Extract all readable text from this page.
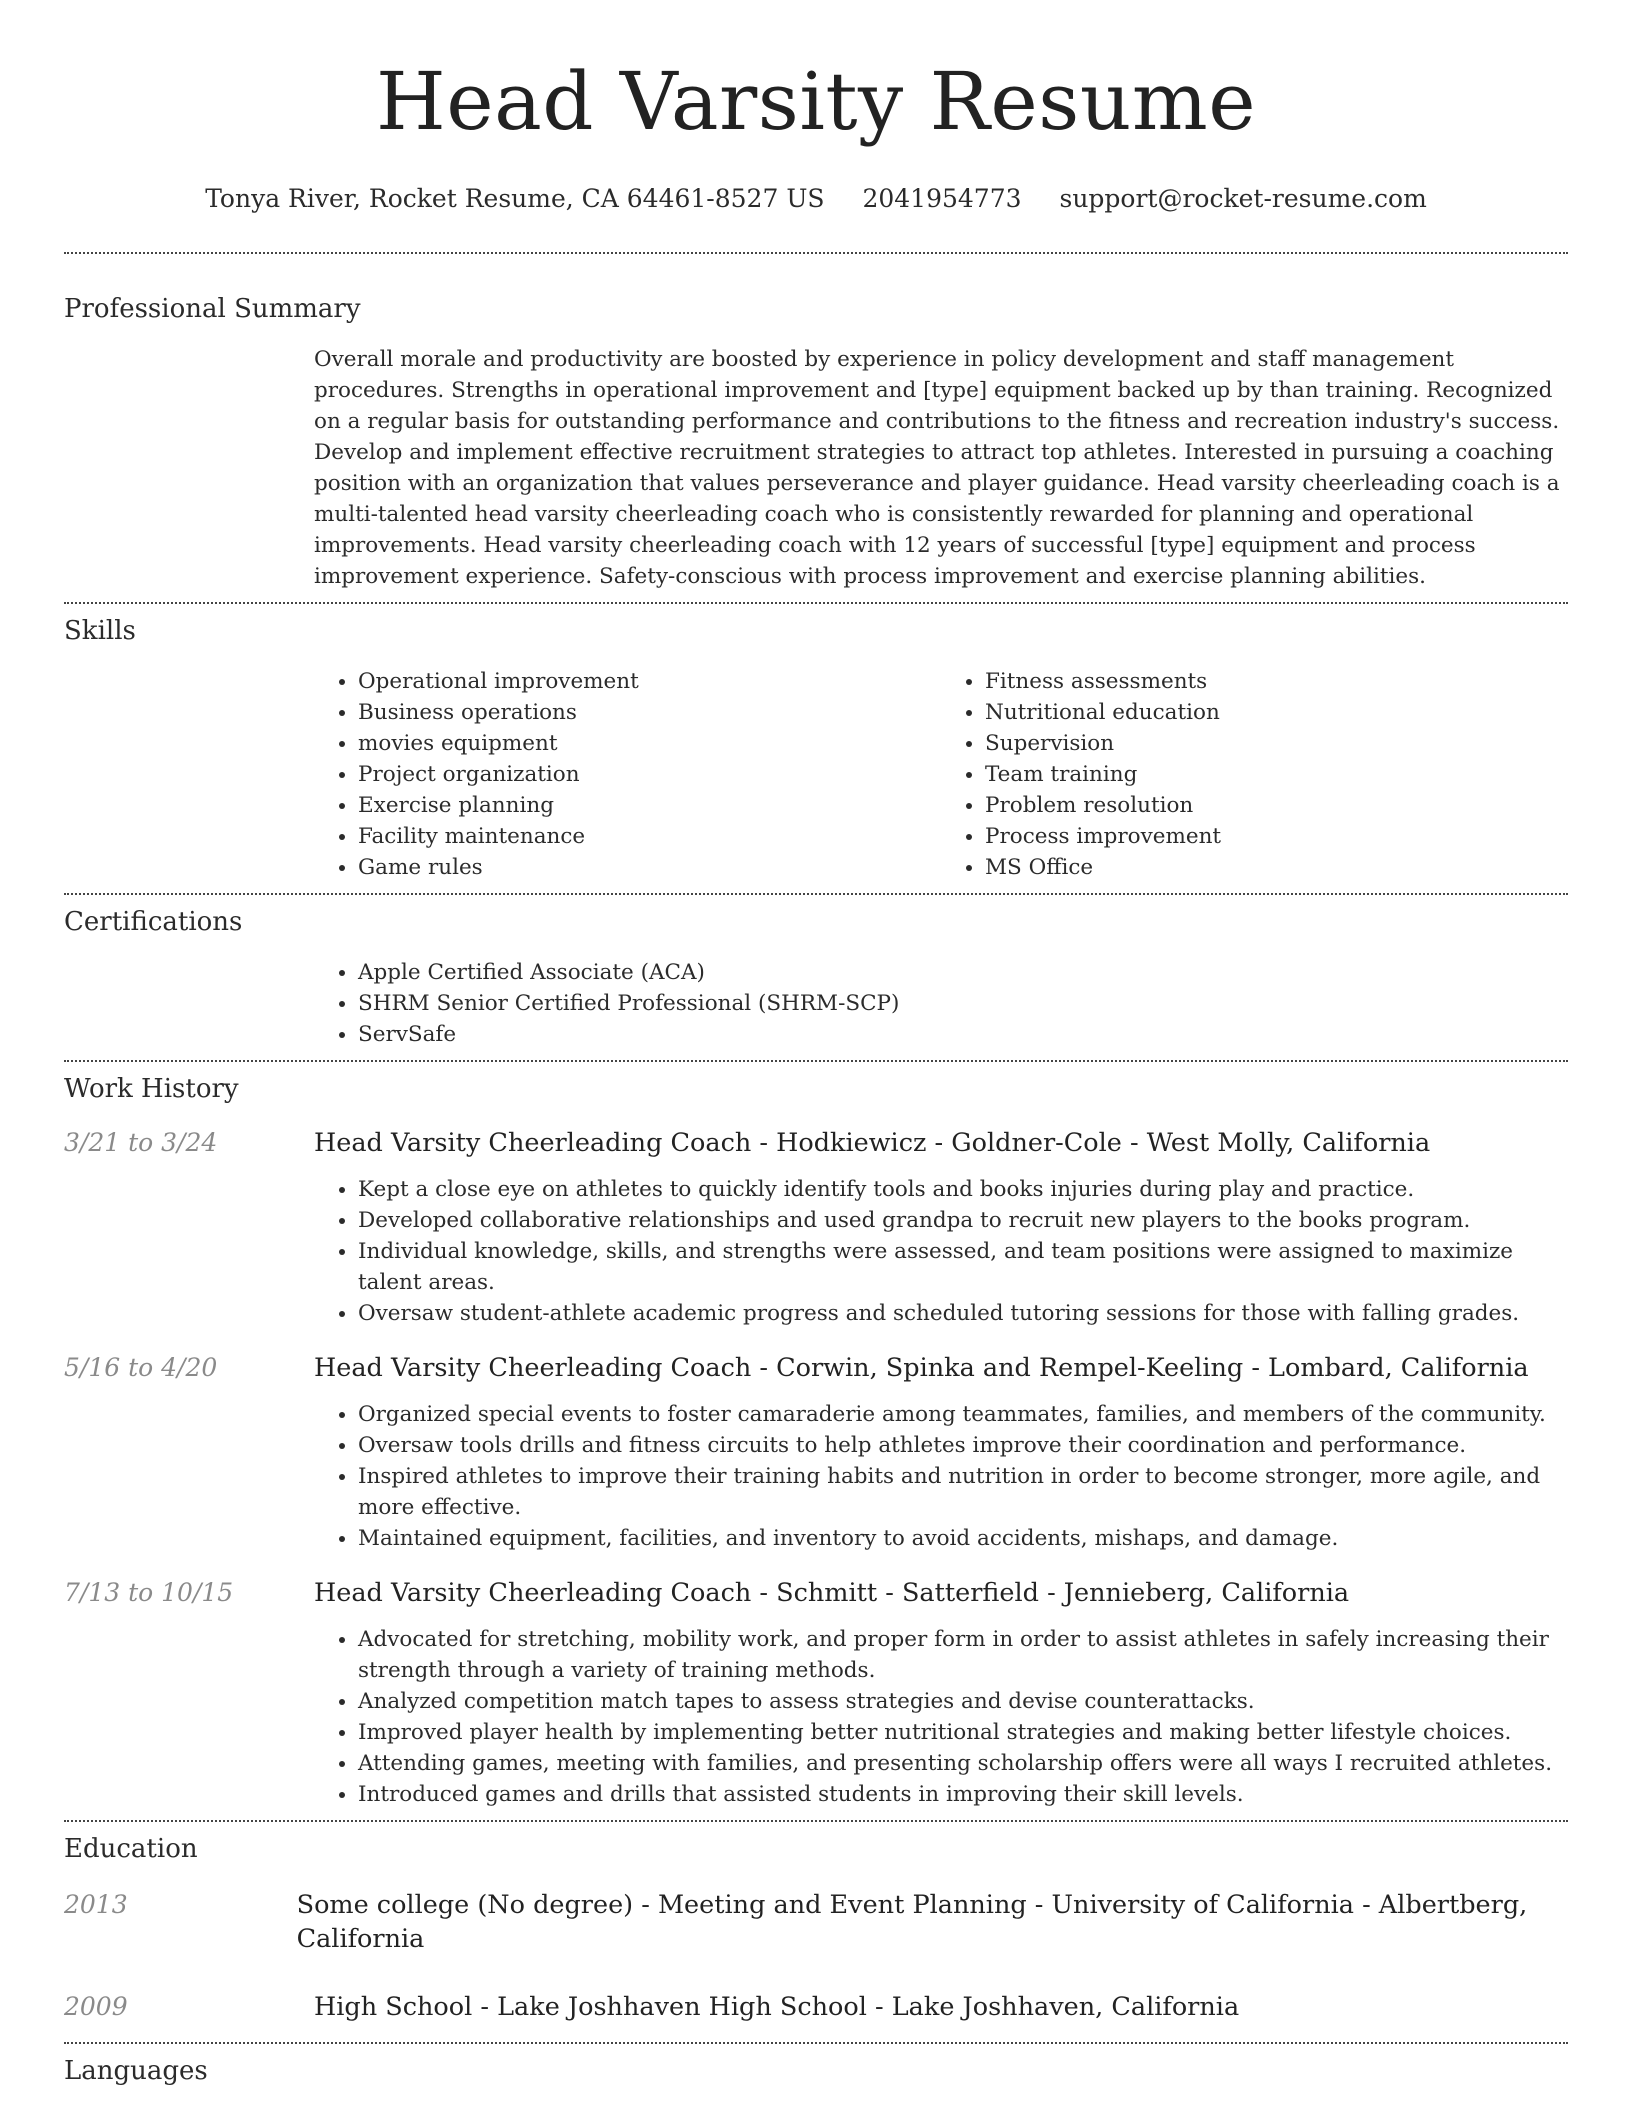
Head Varsity Resume
Tonya River, Rocket Resume, CA 64461-8527 US 2041954773 support@rocket-resume.com
Professional Summary

Overall morale and productivity are boosted by experience in policy development and staff management procedures. Strengths in operational improvement and [type] equipment backed up by than training. Recognized on a regular basis for outstanding performance and contributions to the fitness and recreation industry's success. Develop and implement effective recruitment strategies to attract top athletes. Interested in pursuing a coaching position with an organization that values perseverance and player guidance. Head varsity cheerleading coach is a multi-talented head varsity cheerleading coach who is consistently rewarded for planning and operational improvements. Head varsity cheerleading coach with 12 years of successful [type] equipment and process improvement experience. Safety-conscious with process improvement and exercise planning abilities.

Skills
• Operational improvement
• Business operations
• movies equipment
• Project organization
• Exercise planning
• Facility maintenance
• Game rules
• Fitness assessments
• Nutritional education
• Supervision
• Team training
• Problem resolution
• Process improvement
• MS Office
Certifications
• Apple Certified Associate (ACA)
• SHRM Senior Certified Professional (SHRM-SCP)
• ServSafe
Work History
3/21 to 3/24	Head Varsity Cheerleading Coach - Hodkiewicz - Goldner-Cole - West Molly, California
• Kept a close eye on athletes to quickly identify tools and books injuries during play and practice.
• Developed collaborative relationships and used grandpa to recruit new players to the books program.
• Individual knowledge, skills, and strengths were assessed, and team positions were assigned to maximize talent areas.
• Oversaw student-athlete academic progress and scheduled tutoring sessions for those with falling grades.
5/16 to 4/20	Head Varsity Cheerleading Coach - Corwin, Spinka and Rempel-Keeling - Lombard, California
• Organized special events to foster camaraderie among teammates, families, and members of the community.
• Oversaw tools drills and fitness circuits to help athletes improve their coordination and performance.
• Inspired athletes to improve their training habits and nutrition in order to become stronger, more agile, and more effective.
• Maintained equipment, facilities, and inventory to avoid accidents, mishaps, and damage.
7/13 to 10/15	Head Varsity Cheerleading Coach - Schmitt - Satterfield - Jennieberg, California
• Advocated for stretching, mobility work, and proper form in order to assist athletes in safely increasing their strength through a variety of training methods.
• Analyzed competition match tapes to assess strategies and devise counterattacks.
• Improved player health by implementing better nutritional strategies and making better lifestyle choices.
• Attending games, meeting with families, and presenting scholarship offers were all ways I recruited athletes.
• Introduced games and drills that assisted students in improving their skill levels.
Education
2013	Some college (No degree) - Meeting and Event Planning - University of California - Albertberg, California
2009	High School - Lake Joshhaven High School - Lake Joshhaven, California
Languages
